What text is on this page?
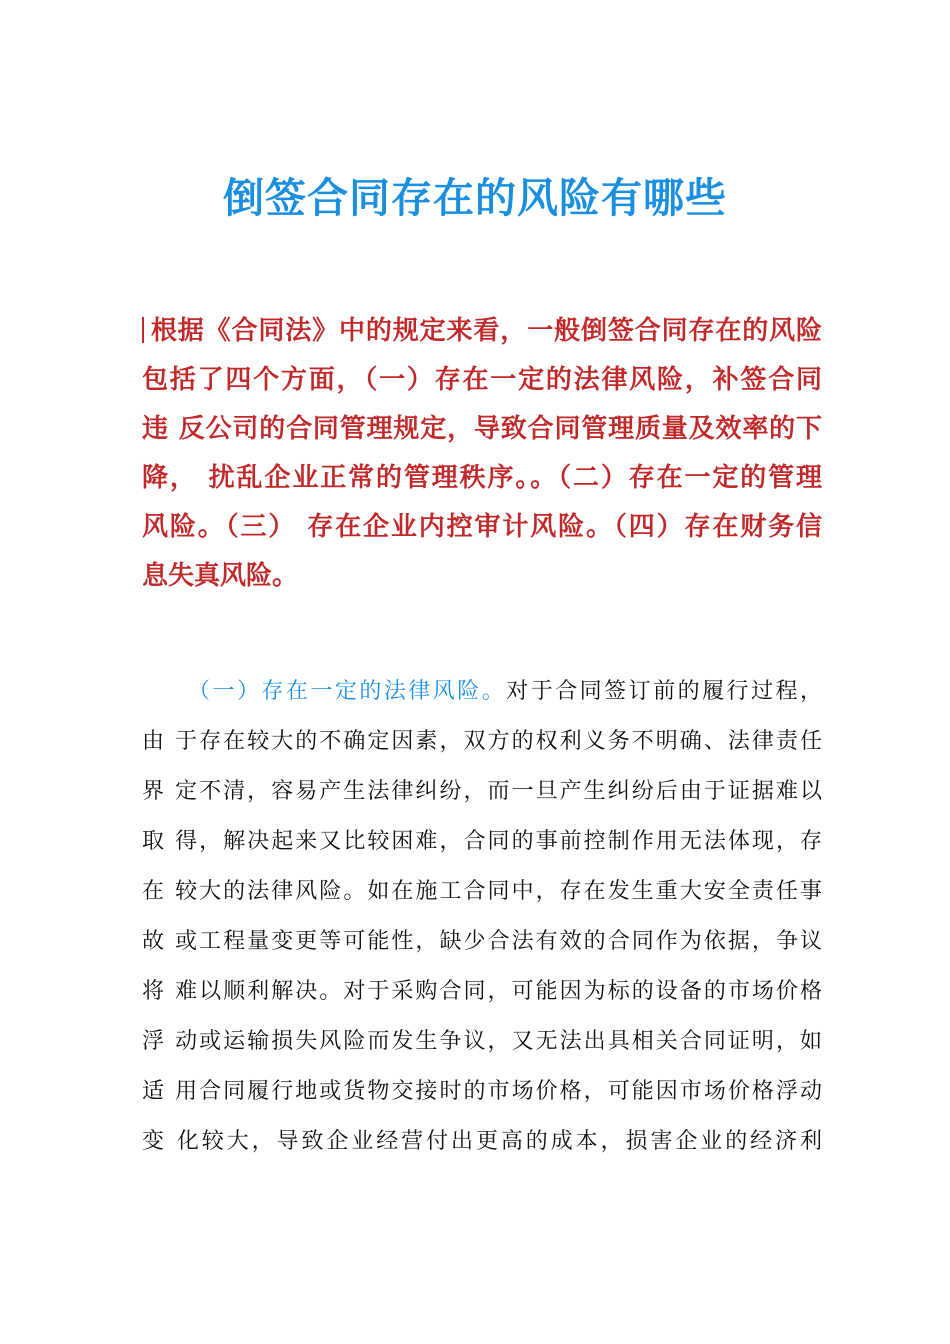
倒签合同存在的风险有哪些
根据《合同法》中的规定来看，一般倒签合同存在的风险
包括了四个方面，（一）存在一定的法律风险，补签合同
违 反公司的合同管理规定，导致合同管理质量及效率的下
降， 扰乱企业正常的管理秩序。。（二）存在一定的管理
风险。（三） 存在企业内控审计风险。（四）存在财务信
息失真风险。
（一）存在一定的法律风险。对于合同签订前的履行过程，
由 于存在较大的不确定因素，双方的权利义务不明确、法律责任
界 定不清，容易产生法律纠纷，而一旦产生纠纷后由于证据难以
取 得，解决起来又比较困难，合同的事前控制作用无法体现，存
在 较大的法律风险。如在施工合同中，存在发生重大安全责任事
故 或工程量变更等可能性，缺少合法有效的合同作为依据，争议
将 难以顺利解决。对于采购合同，可能因为标的设备的市场价格
浮 动或运输损失风险而发生争议，又无法出具相关合同证明，如
适 用合同履行地或货物交接时的市场价格，可能因市场价格浮动
变 化较大，导致企业经营付出更高的成本，损害企业的经济利
